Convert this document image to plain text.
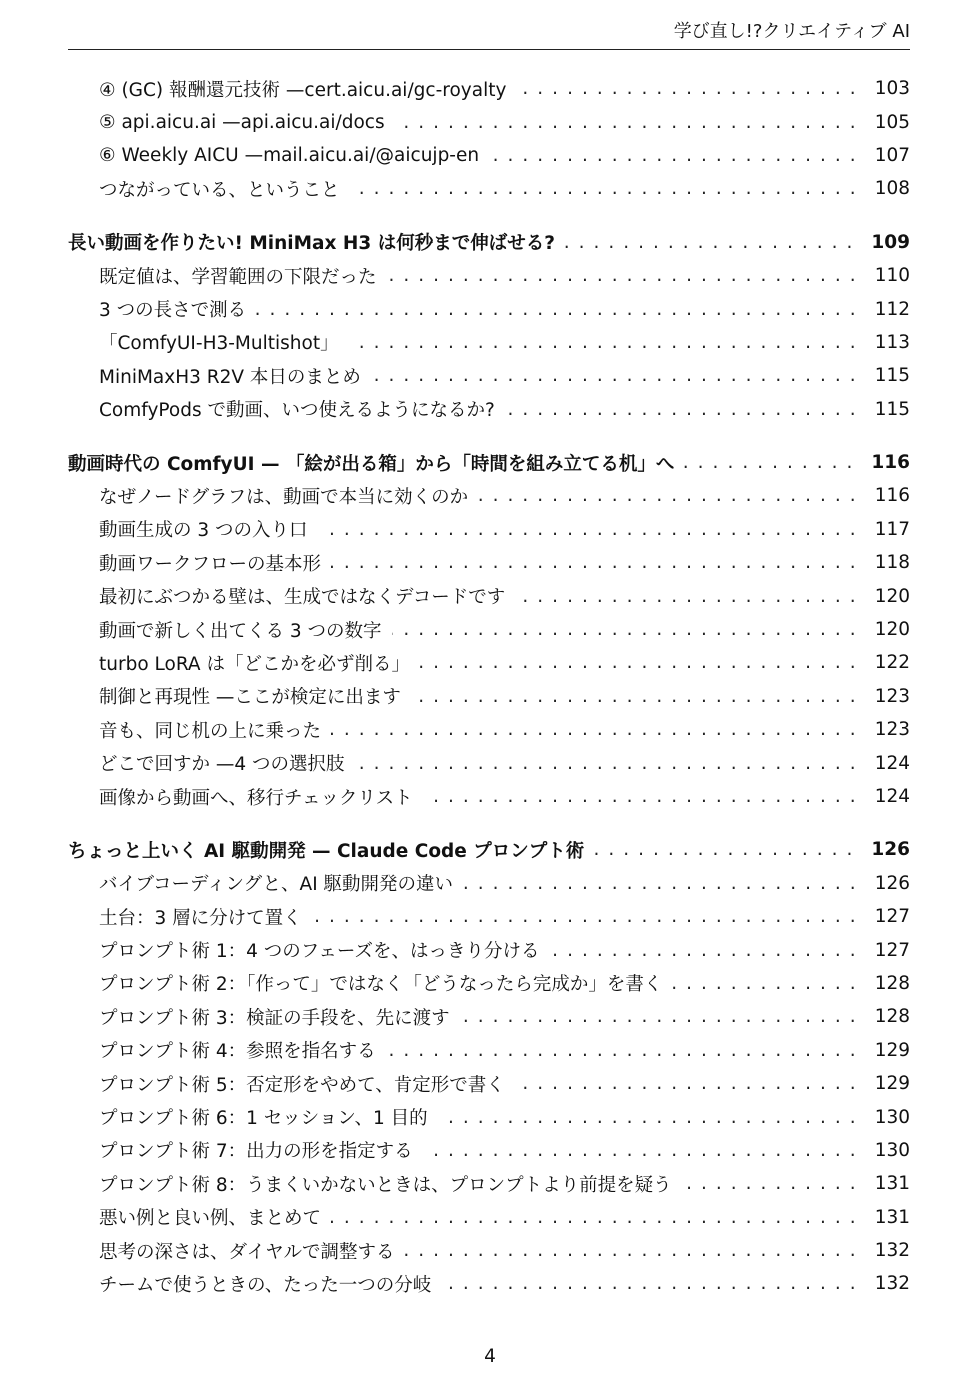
学び直し!?クリエイティブ AI
④ (GC) 報酬還元技術 —cert.aicu.ai/gc-royalty .....	103
⑤ api.aicu.ai —api.aicu.ai/docs .....	105
⑥ Weekly AICU —mail.aicu.ai/@aicujp-en .....	107
つながっている、ということ .....	108
長い動画を作りたい! MiniMax H3 は何秒まで伸ばせる? .....	109
既定値は、学習範囲の下限だった .....	110
3 つの長さで測る .....	112
「ComfyUI-H3-Multishot」 .....	113
MiniMaxH3 R2V 本日のまとめ .....	115
ComfyPods で動画、いつ使えるようになるか? .....	115
動画時代の ComfyUI — 「絵が出る箱」から「時間を組み立てる机」へ .....	116
なぜノードグラフは、動画で本当に効くのか .....	116
動画生成の 3 つの入り口 .....	117
動画ワークフローの基本形 .....	118
最初にぶつかる壁は、生成ではなくデコードです .....	120
動画で新しく出てくる 3 つの数字 .....	120
turbo LoRA は「どこかを必ず削る」 .....	122
制御と再現性 —ここが検定に出ます .....	123
音も、同じ机の上に乗った .....	123
どこで回すか —4 つの選択肢 .....	124
画像から動画へ、移行チェックリスト .....	124
ちょっと上いく AI 駆動開発 — Claude Code プロンプト術 .....	126
バイブコーディングと、AI 駆動開発の違い .....	126
土台：3 層に分けて置く .....	127
プロンプト術 1：4 つのフェーズを、はっきり分ける .....	127
プロンプト術 2：「作って」ではなく「どうなったら完成か」を書く .....	128
プロンプト術 3：検証の手段を、先に渡す .....	128
プロンプト術 4：参照を指名する .....	129
プロンプト術 5：否定形をやめて、肯定形で書く .....	129
プロンプト術 6：1 セッション、1 目的 .....	130
プロンプト術 7：出力の形を指定する .....	130
プロンプト術 8：うまくいかないときは、プロンプトより前提を疑う .....	131
悪い例と良い例、まとめて .....	131
思考の深さは、ダイヤルで調整する .....	132
チームで使うときの、たった一つの分岐 .....	132
4
